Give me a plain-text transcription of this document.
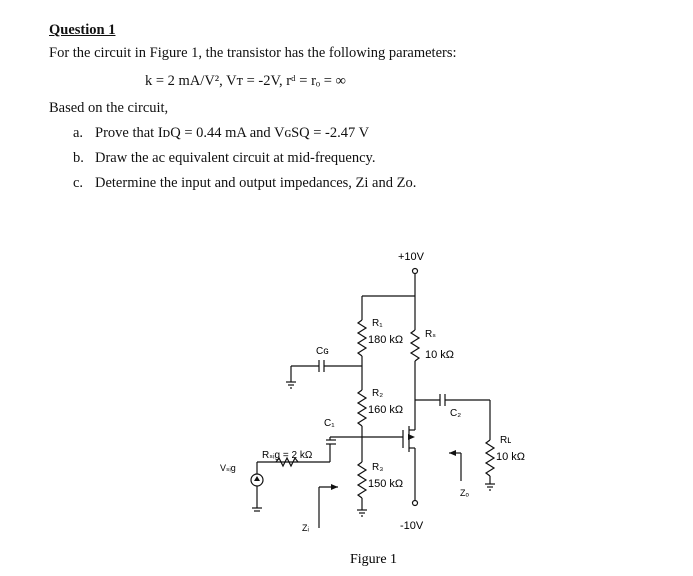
Question 1
For the circuit in Figure 1, the transistor has the following parameters:
k = 2 mA/V², Vᴛ = -2V, rᵈ = rₒ = ∞
Based on the circuit,
a. Prove that IᴅQ = 0.44 mA and VɢSQ = -2.47 V
b. Draw the ac equivalent circuit at mid-frequency.
c. Determine the input and output impedances, Zi and Zo.
+10V
R₁
180 kΩ Rₛ
10 kΩ
Cɢ
R₂
160 kΩ
C₁
C₂
Rʟ
10 kΩ
Rₛᵢg = 2 kΩ
Vₛᵢg	R₃
150 kΩ
Zₒ
Zᵢ	-10V
Figure 1
